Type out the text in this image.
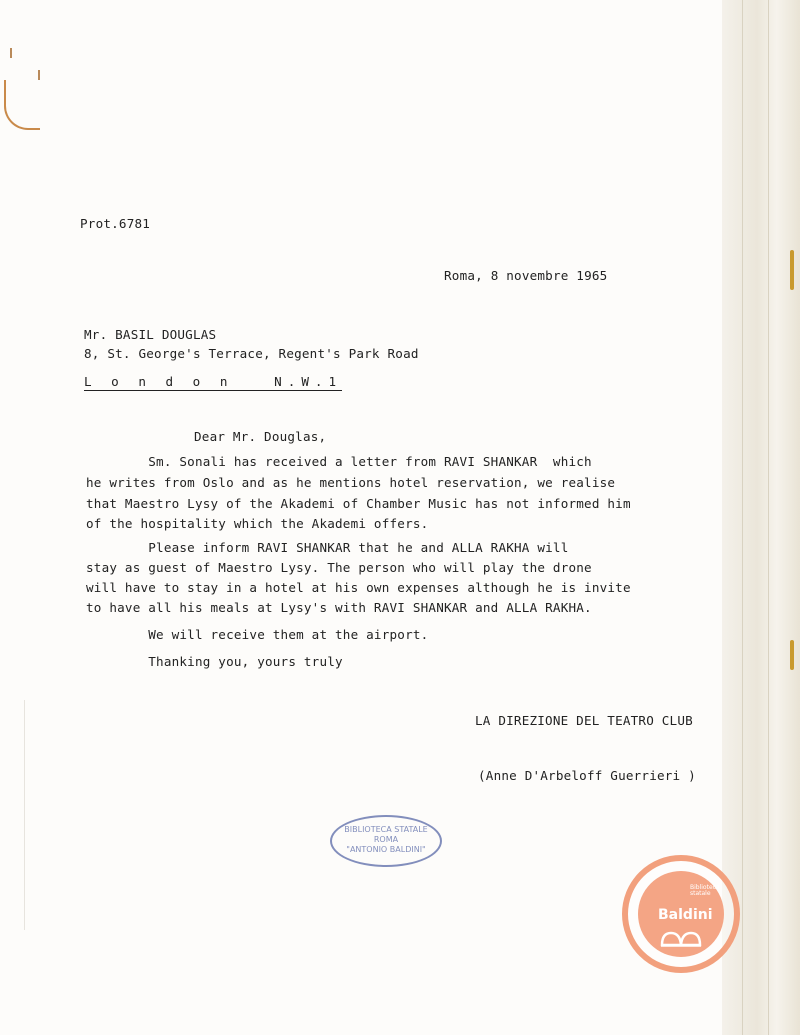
Prot.6781
Roma, 8 novembre 1965
Mr. BASIL DOUGLAS
8, St. George's Terrace, Regent's Park Road
L o n d o n   N.W.1
Dear Mr. Douglas,
Sm. Sonali has received a letter from RAVI SHANKAR  which
he writes from Oslo and as he mentions hotel reservation, we realise
that Maestro Lysy of the Akademi of Chamber Music has not informed him
of the hospitality which the Akademi offers.
Please inform RAVI SHANKAR that he and ALLA RAKHA will
stay as guest of Maestro Lysy. The person who will play the drone
will have to stay in a hotel at his own expenses although he is invite
to have all his meals at Lysy's with RAVI SHANKAR and ALLA RAKHA.
We will receive them at the airport.
Thanking you, yours truly
LA DIREZIONE DEL TEATRO CLUB
(Anne D'Arbeloff Guerrieri )
BIBLIOTECA STATALE
ROMA
"ANTONIO BALDINI"
Biblioteca
statale
Baldini
